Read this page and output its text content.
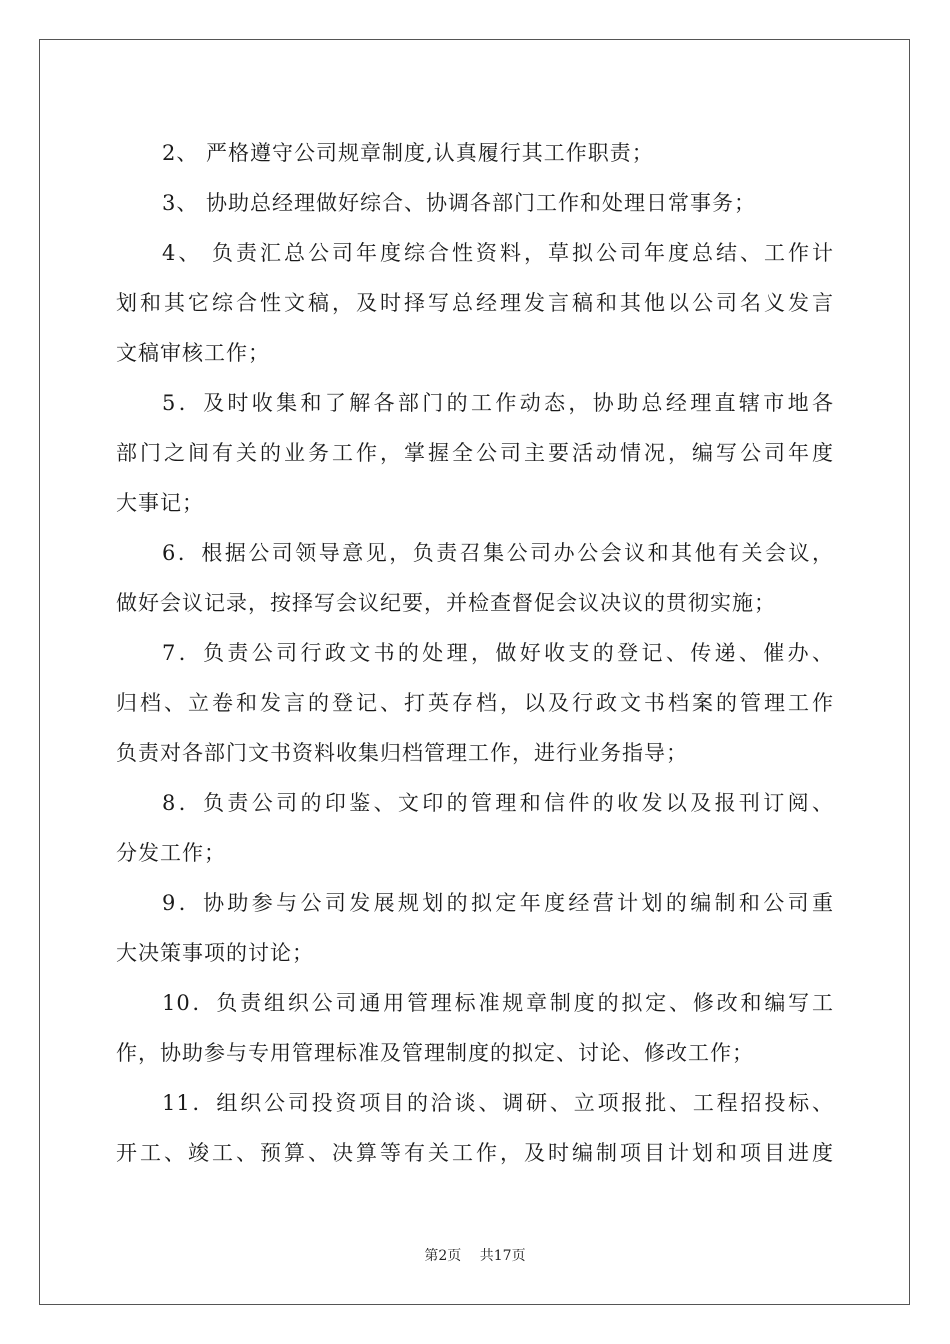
2、 严格遵守公司规章制度,认真履行其工作职责；
3、 协助总经理做好综合、协调各部门工作和处理日常事务；
4、 负责汇总公司年度综合性资料，草拟公司年度总结、工作计
划和其它综合性文稿，及时择写总经理发言稿和其他以公司名义发言
文稿审核工作；
5．及时收集和了解各部门的工作动态，协助总经理直辖市地各
部门之间有关的业务工作，掌握全公司主要活动情况，编写公司年度
大事记；
6．根据公司领导意见，负责召集公司办公会议和其他有关会议，
做好会议记录，按择写会议纪要，并检查督促会议决议的贯彻实施；
7．负责公司行政文书的处理，做好收支的登记、传递、催办、
归档、立卷和发言的登记、打英存档，以及行政文书档案的管理工作
负责对各部门文书资料收集归档管理工作，进行业务指导；
8．负责公司的印鉴、文印的管理和信件的收发以及报刊订阅、
分发工作；
9．协助参与公司发展规划的拟定年度经营计划的编制和公司重
大决策事项的讨论；
10．负责组织公司通用管理标准规章制度的拟定、修改和编写工
作，协助参与专用管理标准及管理制度的拟定、讨论、修改工作；
11．组织公司投资项目的洽谈、调研、立项报批、工程招投标、
开工、竣工、预算、决算等有关工作，及时编制项目计划和项目进度
第2页 共17页
